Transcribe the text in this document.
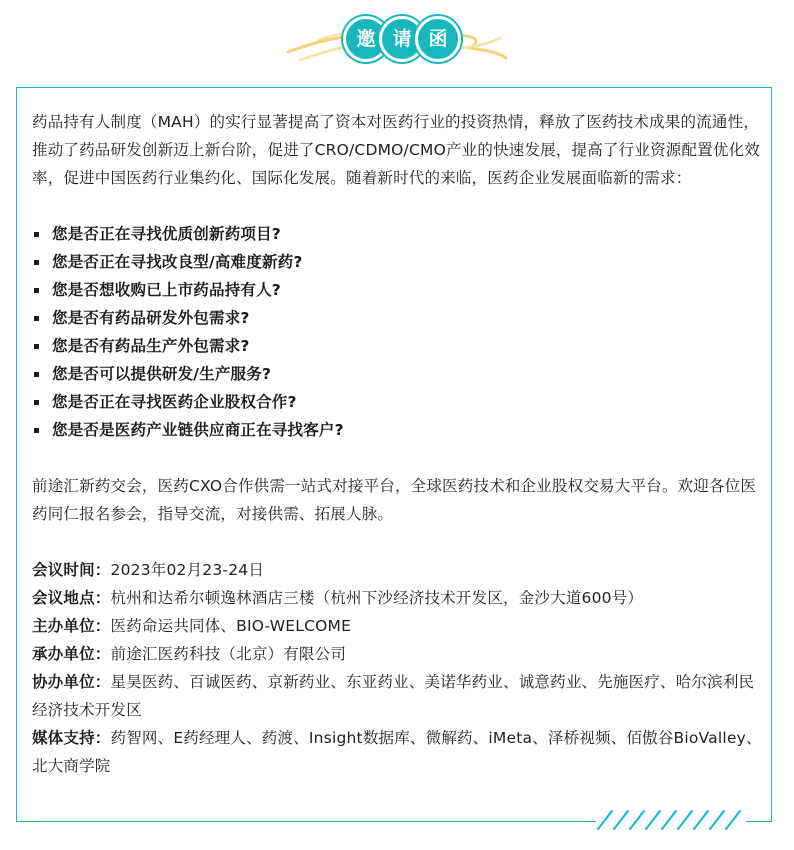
邀 请 函

药品持有人制度（MAH）的实行显著提高了资本对医药行业的投资热情，释放了医药技术成果的流通性，推动了药品研发创新迈上新台阶，促进了CRO/CDMO/CMO产业的快速发展，提高了行业资源配置优化效率，促进中国医药行业集约化、国际化发展。随着新时代的来临，医药企业发展面临新的需求：

您是否正在寻找优质创新药项目?
您是否正在寻找改良型/高难度新药?
您是否想收购已上市药品持有人?
您是否有药品研发外包需求?
您是否有药品生产外包需求?
您是否可以提供研发/生产服务?
您是否正在寻找医药企业股权合作?
您是否是医药产业链供应商正在寻找客户?

前途汇新药交会，医药CXO合作供需一站式对接平台，全球医药技术和企业股权交易大平台。欢迎各位医药同仁报名参会，指导交流，对接供需、拓展人脉。

会议时间：2023年02月23-24日

会议地点：杭州和达希尔顿逸林酒店三楼（杭州下沙经济技术开发区，金沙大道600号）

主办单位：医药命运共同体、BIO-WELCOME

承办单位：前途汇医药科技（北京）有限公司

协办单位：星昊医药、百诚医药、京新药业、东亚药业、美诺华药业、诚意药业、先施医疗、哈尔滨利民经济技术开发区

媒体支持：药智网、E药经理人、药渡、Insight数据库、微解药、iMeta、泽桥视频、佰傲谷BioValley、北大商学院
